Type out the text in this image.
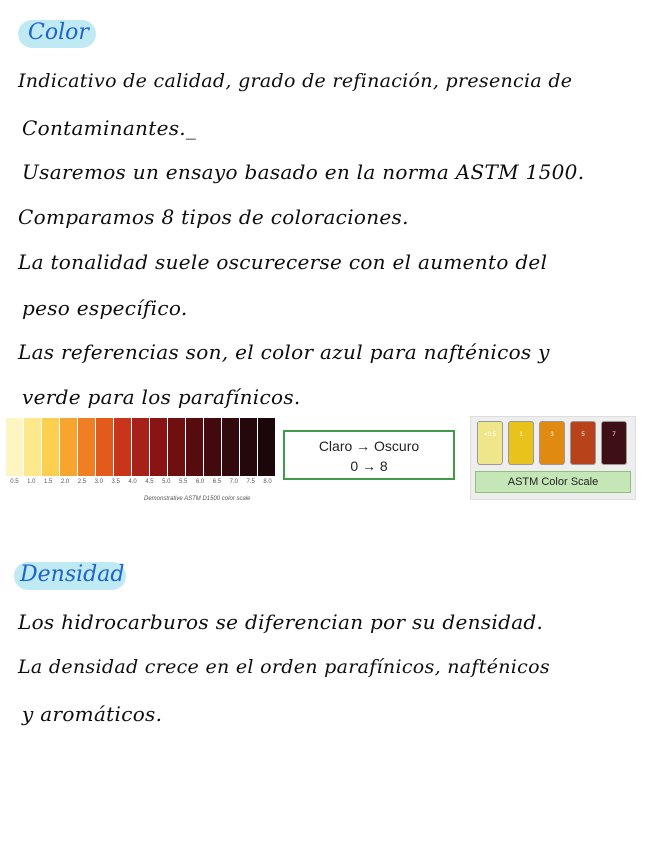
Color
Indicativo de calidad, grado de refinación, presencia de
Contaminantes._
Usaremos un ensayo basado en la norma ASTM 1500.
Comparamos 8 tipos de coloraciones.
La tonalidad suele oscurecerse con el aumento del
peso específico.
Las referencias son, el color azul para nafténicos y
verde para los parafínicos.
0.5	1.0	1.5	2.0	2.5	3.0	3.5	4.0	4.5	5.0	5.5	6.0	6.5	7.0	7.5	8.0
Demonstrative ASTM D1500 color scale
Claro → Oscuro
0 → 8
<0.5	1	3	5	7
ASTM Color Scale
Densidad
Los hidrocarburos se diferencian por su densidad.
La densidad crece en el orden parafínicos, nafténicos
y aromáticos.
